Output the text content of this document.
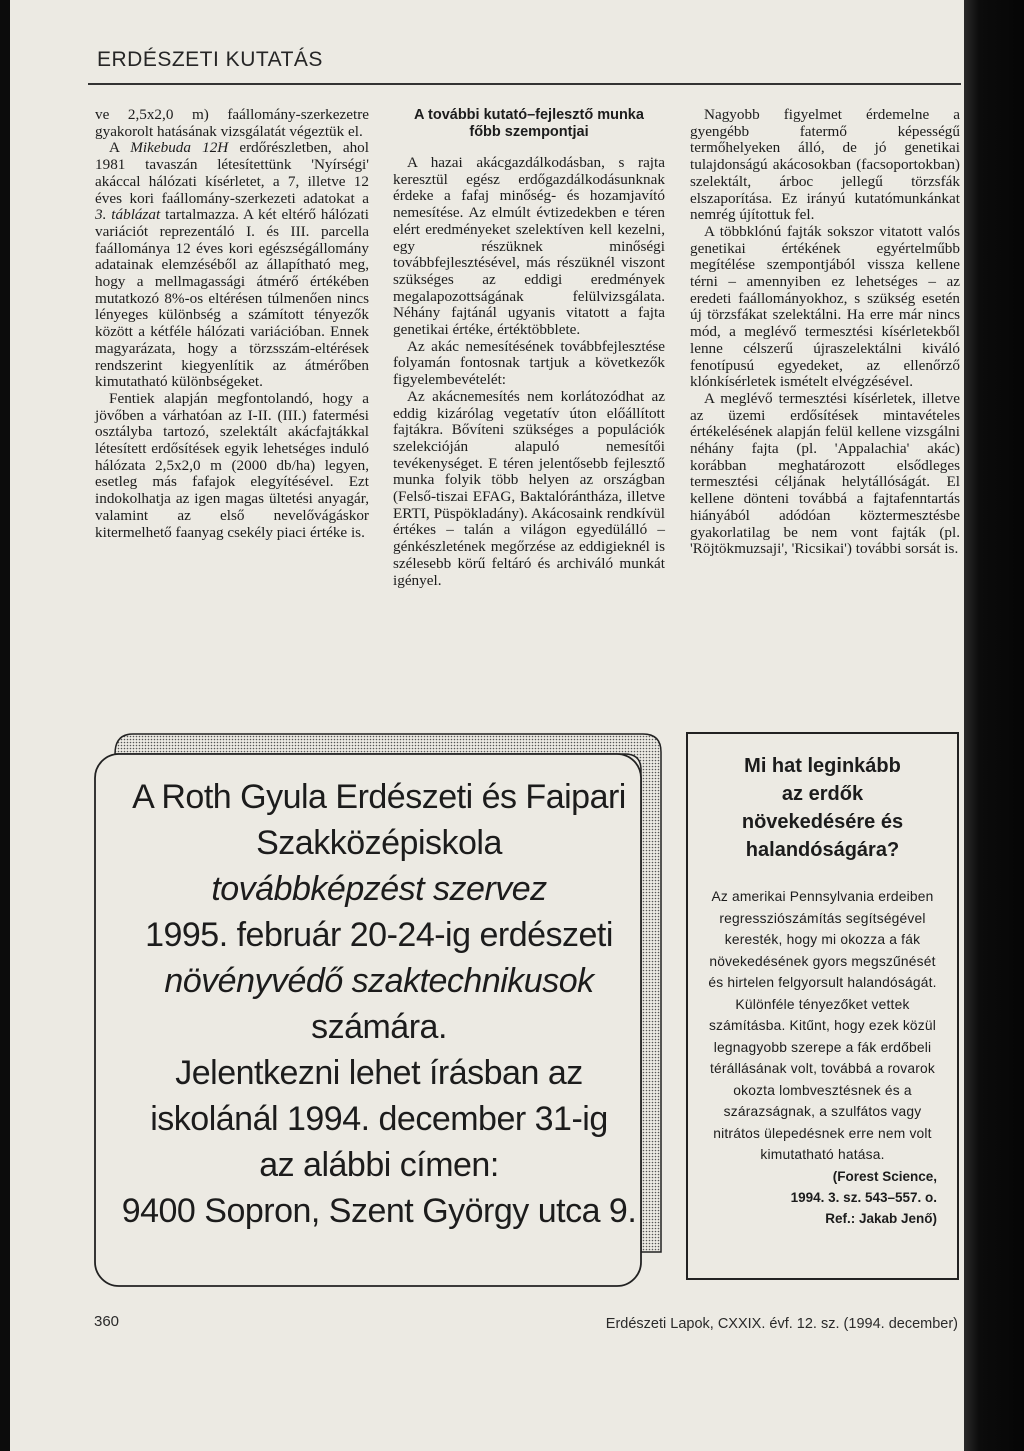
ERDÉSZETI KUTATÁS

ve 2,5x2,0 m) faállomány-szerkezetre gyakorolt hatásának vizsgálatát végeztük el.

A Mikebuda 12H erdőrészletben, ahol 1981 tavaszán létesítettünk 'Nyírségi' akáccal hálózati kísérletet, a 7, illetve 12 éves kori faállomány-szerkezeti adatokat a 3. táblázat tartalmazza. A két eltérő hálózati variációt reprezentáló I. és III. parcella faállománya 12 éves kori egészségállomány adatainak elemzéséből az állapítható meg, hogy a mellmagassági átmérő értékében mutatkozó 8%-os eltérésen túlmenően nincs lényeges különbség a számított tényezők között a kétféle hálózati variációban. Ennek magyarázata, hogy a törzsszám-eltérések rendszerint kiegyenlítik az átmérőben kimutatható különbségeket.

Fentiek alapján megfontolandó, hogy a jövőben a várhatóan az I-II. (III.) fatermési osztályba tartozó, szelektált akácfajtákkal létesített erdősítések egyik lehetséges induló hálózata 2,5x2,0 m (2000 db/ha) legyen, esetleg más fafajok elegyítésével. Ezt indokolhatja az igen magas ültetési anyagár, valamint az első nevelővágáskor kitermelhető faanyag csekély piaci értéke is.

A további kutató–fejlesztő munka
főbb szempontjai

A hazai akácgazdálkodásban, s rajta keresztül egész erdőgazdálkodásunknak érdeke a fafaj minőség- és hozamjavító nemesítése. Az elmúlt évtizedekben e téren elért eredményeket szelektíven kell kezelni, egy részüknek minőségi továbbfejlesztésével, más részüknél viszont szükséges az eddigi eredmények megalapozottságának felülvizsgálata. Néhány fajtánál ugyanis vitatott a fajta genetikai értéke, értéktöbblete.

Az akác nemesítésének továbbfejlesztése folyamán fontosnak tartjuk a következők figyelembevételét:

Az akácnemesítés nem korlátozódhat az eddig kizárólag vegetatív úton előállított fajtákra. Bővíteni szükséges a populációk szelekcióján alapuló nemesítői tevékenységet. E téren jelentősebb fejlesztő munka folyik több helyen az országban (Felső-tiszai EFAG, Baktalórántháza, illetve ERTI, Püspökladány). Akácosaink rendkívül értékes – talán a világon egyedülálló – génkészletének megőrzése az eddigieknél is szélesebb körű feltáró és archiváló munkát igényel.

Nagyobb figyelmet érdemelne a gyengébb fatermő képességű termőhelyeken álló, de jó genetikai tulajdonságú akácosokban (facsoportokban) szelektált, árboc jellegű törzsfák elszaporítása. Ez irányú kutatómunkánkat nemrég újítottuk fel.

A többklónú fajták sokszor vitatott valós genetikai értékének egyértelműbb megítélése szempontjából vissza kellene térni – amennyiben ez lehetséges – az eredeti faállományokhoz, s szükség esetén új törzsfákat szelektálni. Ha erre már nincs mód, a meglévő termesztési kísérletekből lenne célszerű újraszelektálni kiváló fenotípusú egyedeket, az ellenőrző klónkísérletek ismételt elvégzésével.

A meglévő termesztési kísérletek, illetve az üzemi erdősítések mintavételes értékelésének alapján felül kellene vizsgálni néhány fajta (pl. 'Appalachia' akác) korábban meghatározott elsődleges termesztési céljának helytállóságát. El kellene dönteni továbbá a fajtafenntartás hiányából adódóan köztermesztésbe gyakorlatilag be nem vont fajták (pl. 'Röjtökmuzsaji', 'Ricsikai') további sorsát is.

A Roth Gyula Erdészeti és Faipari
Szakközépiskola
továbbképzést szervez
1995. február 20-24-ig erdészeti
növényvédő szaktechnikusok
számára.
Jelentkezni lehet írásban az
iskolánál 1994. december 31-ig
az alábbi címen:
9400 Sopron, Szent György utca 9.
Mi hat leginkább
az erdők
növekedésére és
halandóságára?

Az amerikai Pennsylvania erdeiben regressziószámítás segítségével keresték, hogy mi okozza a fák növekedésének gyors megszűnését és hirtelen felgyorsult halandóságát.

Különféle tényezőket vettek számításba. Kitűnt, hogy ezek közül legnagyobb szerepe a fák erdőbeli térállásának volt, továbbá a rovarok okozta lombvesztésnek és a szárazságnak, a szulfátos vagy nitrátos ülepedésnek erre nem volt kimutatható hatása.

(Forest Science,
1994. 3. sz. 543–557. o.
Ref.: Jakab Jenő)
360	Erdészeti Lapok, CXXIX. évf. 12. sz. (1994. december)
